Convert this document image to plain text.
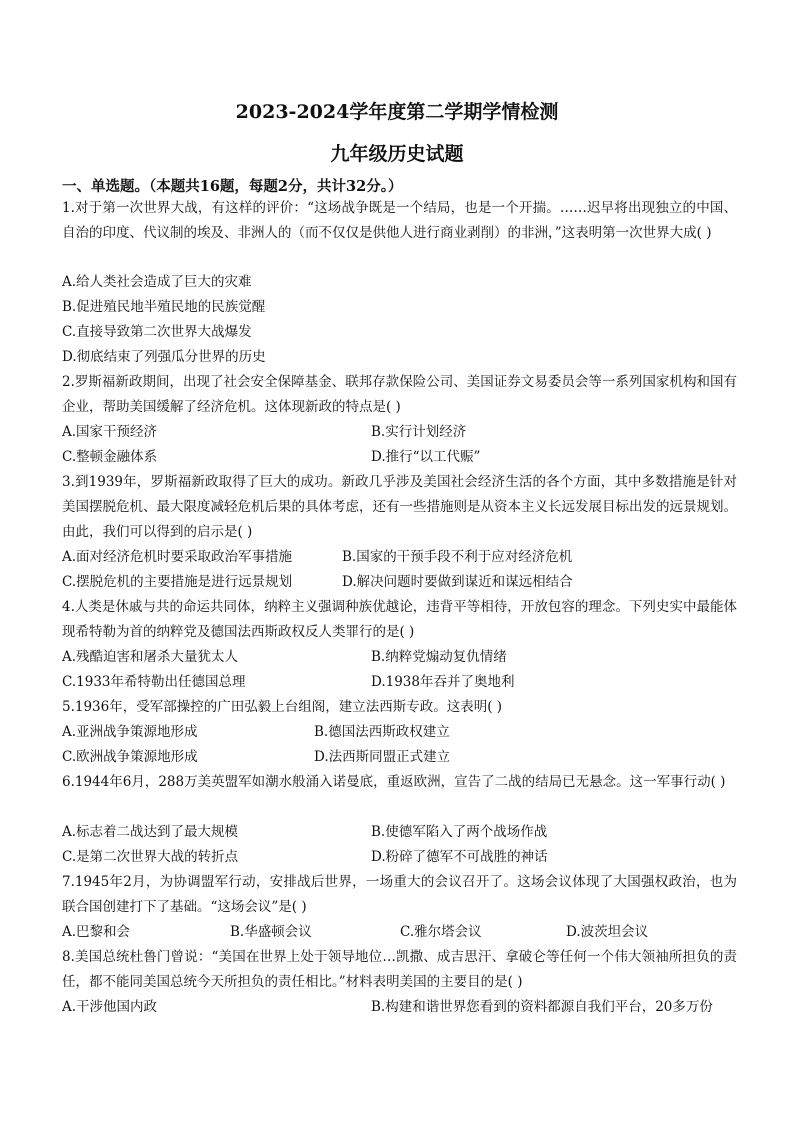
2023-2024学年度第二学期学情检测
九年级历史试题
一、单选题。（本题共16题，每题2分，共计32分。）
1.对于第一次世界大战，有这样的评价：“这场战争既是一个结局，也是一个开揣。……迟早将出现独立的中国、自治的印度、代议制的埃及、非洲人的（而不仅仅是供他人进行商业剥削）的非洲，”这表明第一次世界大成( )
A.给人类社会造成了巨大的灾难
B.促进殖民地半殖民地的民族觉醒
C.直接导致第二次世界大战爆发
D.彻底结束了列强瓜分世界的历史
2.罗斯福新政期间，出现了社会安全保障基金、联邦存款保险公司、美国证券文易委员会等一系列国家机构和国有企业，帮助美国缓解了经济危机。这体现新政的特点是( )
A.国家干预经济	B.实行计划经济
C.整顿金融体系	D.推行“以工代赈”
3.到1939年，罗斯福新政取得了巨大的成功。新政几乎涉及美国社会经济生活的各个方面，其中多数措施是针对美国摆脱危机、最大限度减轻危机后果的具体考虑，还有一些措施则是从资本主义长远发展目标出发的远景规划。由此，我们可以得到的启示是( )
A.面对经济危机时要采取政治军事措施	B.国家的干预手段不利于应对经济危机
C.摆脱危机的主要措施是进行远景规划	D.解决问题时要做到谋近和谋远相结合
4.人类是休戚与共的命运共同体，纳粹主义强调种族优越论，违背平等相待，开放包容的理念。下列史实中最能体现希特勒为首的纳粹党及德国法西斯政权反人类罪行的是( )
A.残酷迫害和屠杀大量犹太人	B.纳粹党煽动复仇情绪
C.1933年希特勒出任德国总理	D.1938年吞并了奥地利
5.1936年，受军部操控的广田弘毅上台组阁，建立法西斯专政。这表明( )
A.亚洲战争策源地形成	B.德国法西斯政权建立
C.欧洲战争策源地形成	D.法西斯同盟正式建立
6.1944年6月，288万美英盟军如潮水般涌入诺曼底，重返欧洲，宣告了二战的结局已无悬念。这一军事行动( )
A.标志着二战达到了最大规模	B.使德军陷入了两个战场作战
C.是第二次世界大战的转折点	D.粉碎了德军不可战胜的神话
7.1945年2月，为协调盟军行动，安排战后世界，一场重大的会议召开了。这场会议体现了大国强权政治，也为联合国创建打下了基础。“这场会议”是( )
A.巴黎和会	B.华盛顿会议	C.雅尔塔会议	D.波茨坦会议
8.美国总统杜鲁门曾说：“美国在世界上处于领导地位…凯撒、成吉思汗、拿破仑等任何一个伟大领袖所担负的责任，都不能同美国总统今天所担负的责任相比。”材料表明美国的主要目的是( )
A.干涉他国内政	B.构建和谐世界您看到的资料都源自我们平台，20多万份
